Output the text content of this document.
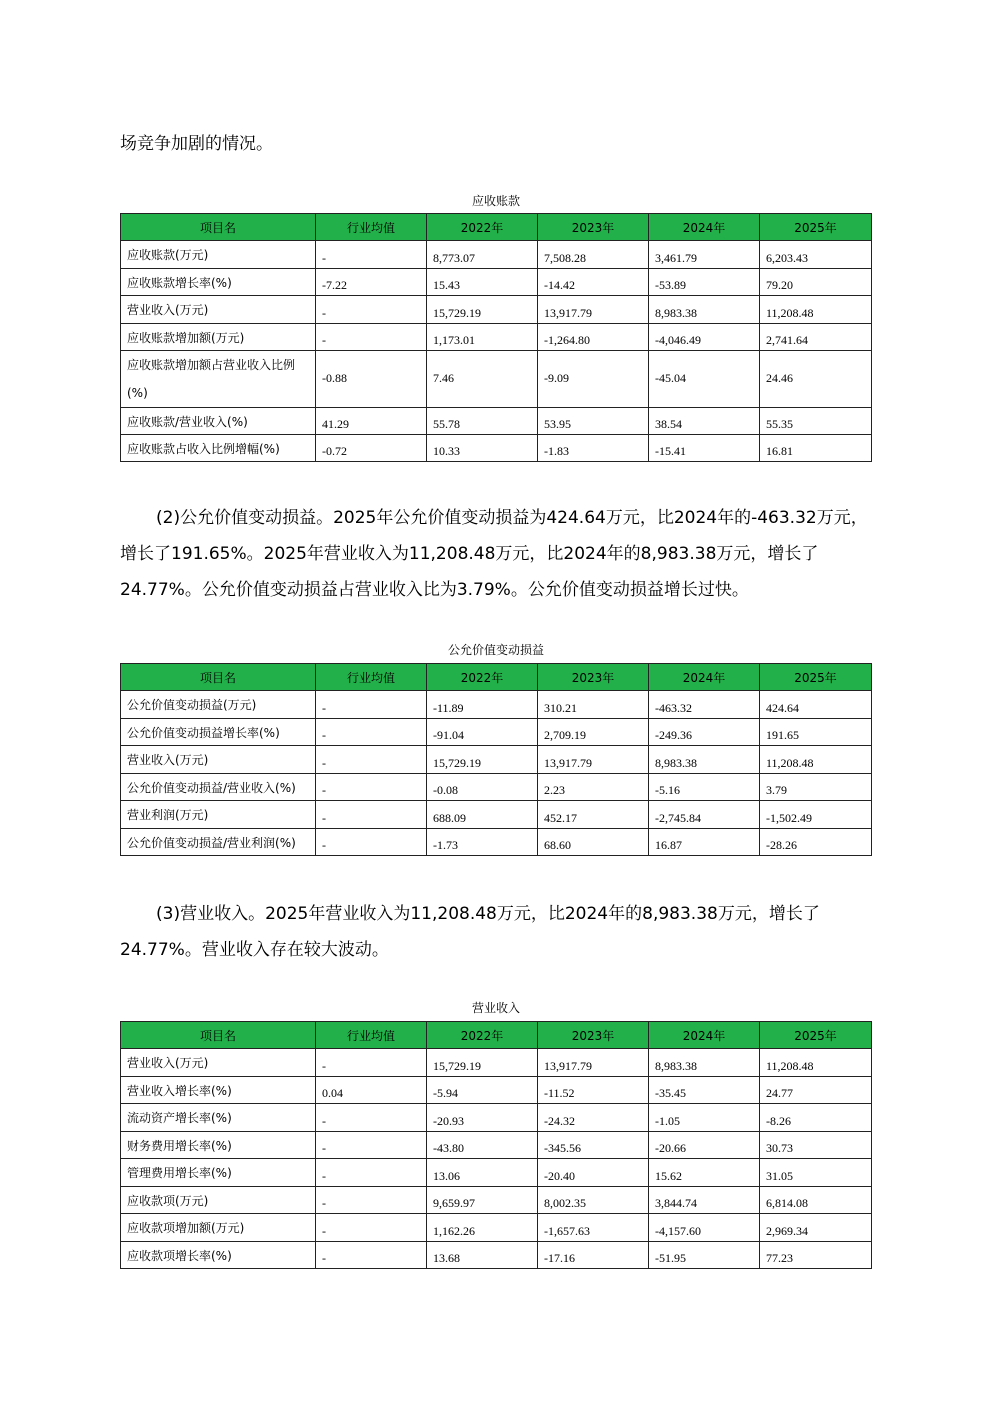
场竞争加剧的情况。

应收账款
项目名	行业均值	2022年	2023年	2024年	2025年
应收账款(万元)	-	8,773.07	7,508.28	3,461.79	6,203.43
应收账款增长率(%)	-7.22	15.43	-14.42	-53.89	79.20
营业收入(万元)	-	15,729.19	13,917.79	8,983.38	11,208.48
应收账款增加额(万元)	-	1,173.01	-1,264.80	-4,046.49	2,741.64
应收账款增加额占营业收入比例(%)	-0.88	7.46	-9.09	-45.04	24.46
应收账款/营业收入(%)	41.29	55.78	53.95	38.54	55.35
应收账款占收入比例增幅(%)	-0.72	10.33	-1.83	-15.41	16.81

(2)公允价值变动损益。2025年公允价值变动损益为424.64万元，比2024年的-463.32万元，增长了191.65%。2025年营业收入为11,208.48万元，比2024年的8,983.38万元，增长了24.77%。公允价值变动损益占营业收入比为3.79%。公允价值变动损益增长过快。

公允价值变动损益
项目名	行业均值	2022年	2023年	2024年	2025年
公允价值变动损益(万元)	-	-11.89	310.21	-463.32	424.64
公允价值变动损益增长率(%)	-	-91.04	2,709.19	-249.36	191.65
营业收入(万元)	-	15,729.19	13,917.79	8,983.38	11,208.48
公允价值变动损益/营业收入(%)	-	-0.08	2.23	-5.16	3.79
营业利润(万元)	-	688.09	452.17	-2,745.84	-1,502.49
公允价值变动损益/营业利润(%)	-	-1.73	68.60	16.87	-28.26

(3)营业收入。2025年营业收入为11,208.48万元，比2024年的8,983.38万元，增长了24.77%。营业收入存在较大波动。

营业收入
项目名	行业均值	2022年	2023年	2024年	2025年
营业收入(万元)	-	15,729.19	13,917.79	8,983.38	11,208.48
营业收入增长率(%)	0.04	-5.94	-11.52	-35.45	24.77
流动资产增长率(%)	-	-20.93	-24.32	-1.05	-8.26
财务费用增长率(%)	-	-43.80	-345.56	-20.66	30.73
管理费用增长率(%)	-	13.06	-20.40	15.62	31.05
应收款项(万元)	-	9,659.97	8,002.35	3,844.74	6,814.08
应收款项增加额(万元)	-	1,162.26	-1,657.63	-4,157.60	2,969.34
应收款项增长率(%)	-	13.68	-17.16	-51.95	77.23
